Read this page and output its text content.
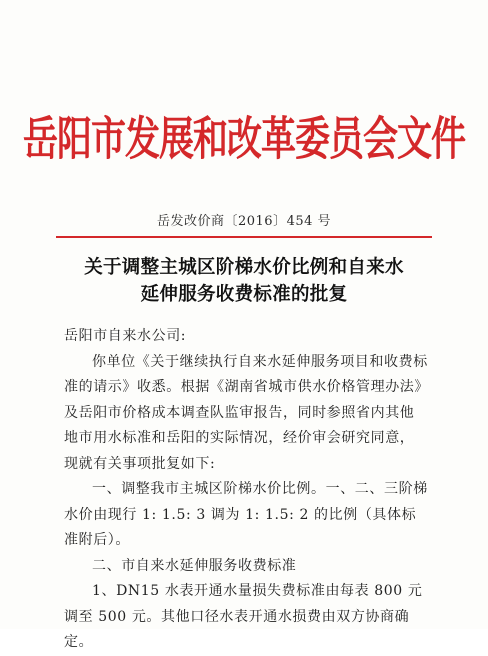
岳阳市发展和改革委员会文件
岳发改价商〔2016〕454 号
关于调整主城区阶梯水价比例和自来水
延伸服务收费标准的批复

岳阳市自来水公司:

你单位《关于继续执行自来水延伸服务项目和收费标准的请示》收悉。根据《湖南省城市供水价格管理办法》及岳阳市价格成本调查队监审报告，同时参照省内其他地市用水标准和岳阳的实际情况，经价审会研究同意，现就有关事项批复如下:

一、调整我市主城区阶梯水价比例。一、二、三阶梯水价由现行 1: 1.5: 3 调为 1: 1.5: 2 的比例（具体标准附后）。

二、市自来水延伸服务收费标准

1、DN15 水表开通水量损失费标准由每表 800 元调至 500 元。其他口径水表开通水损费由双方协商确定。
